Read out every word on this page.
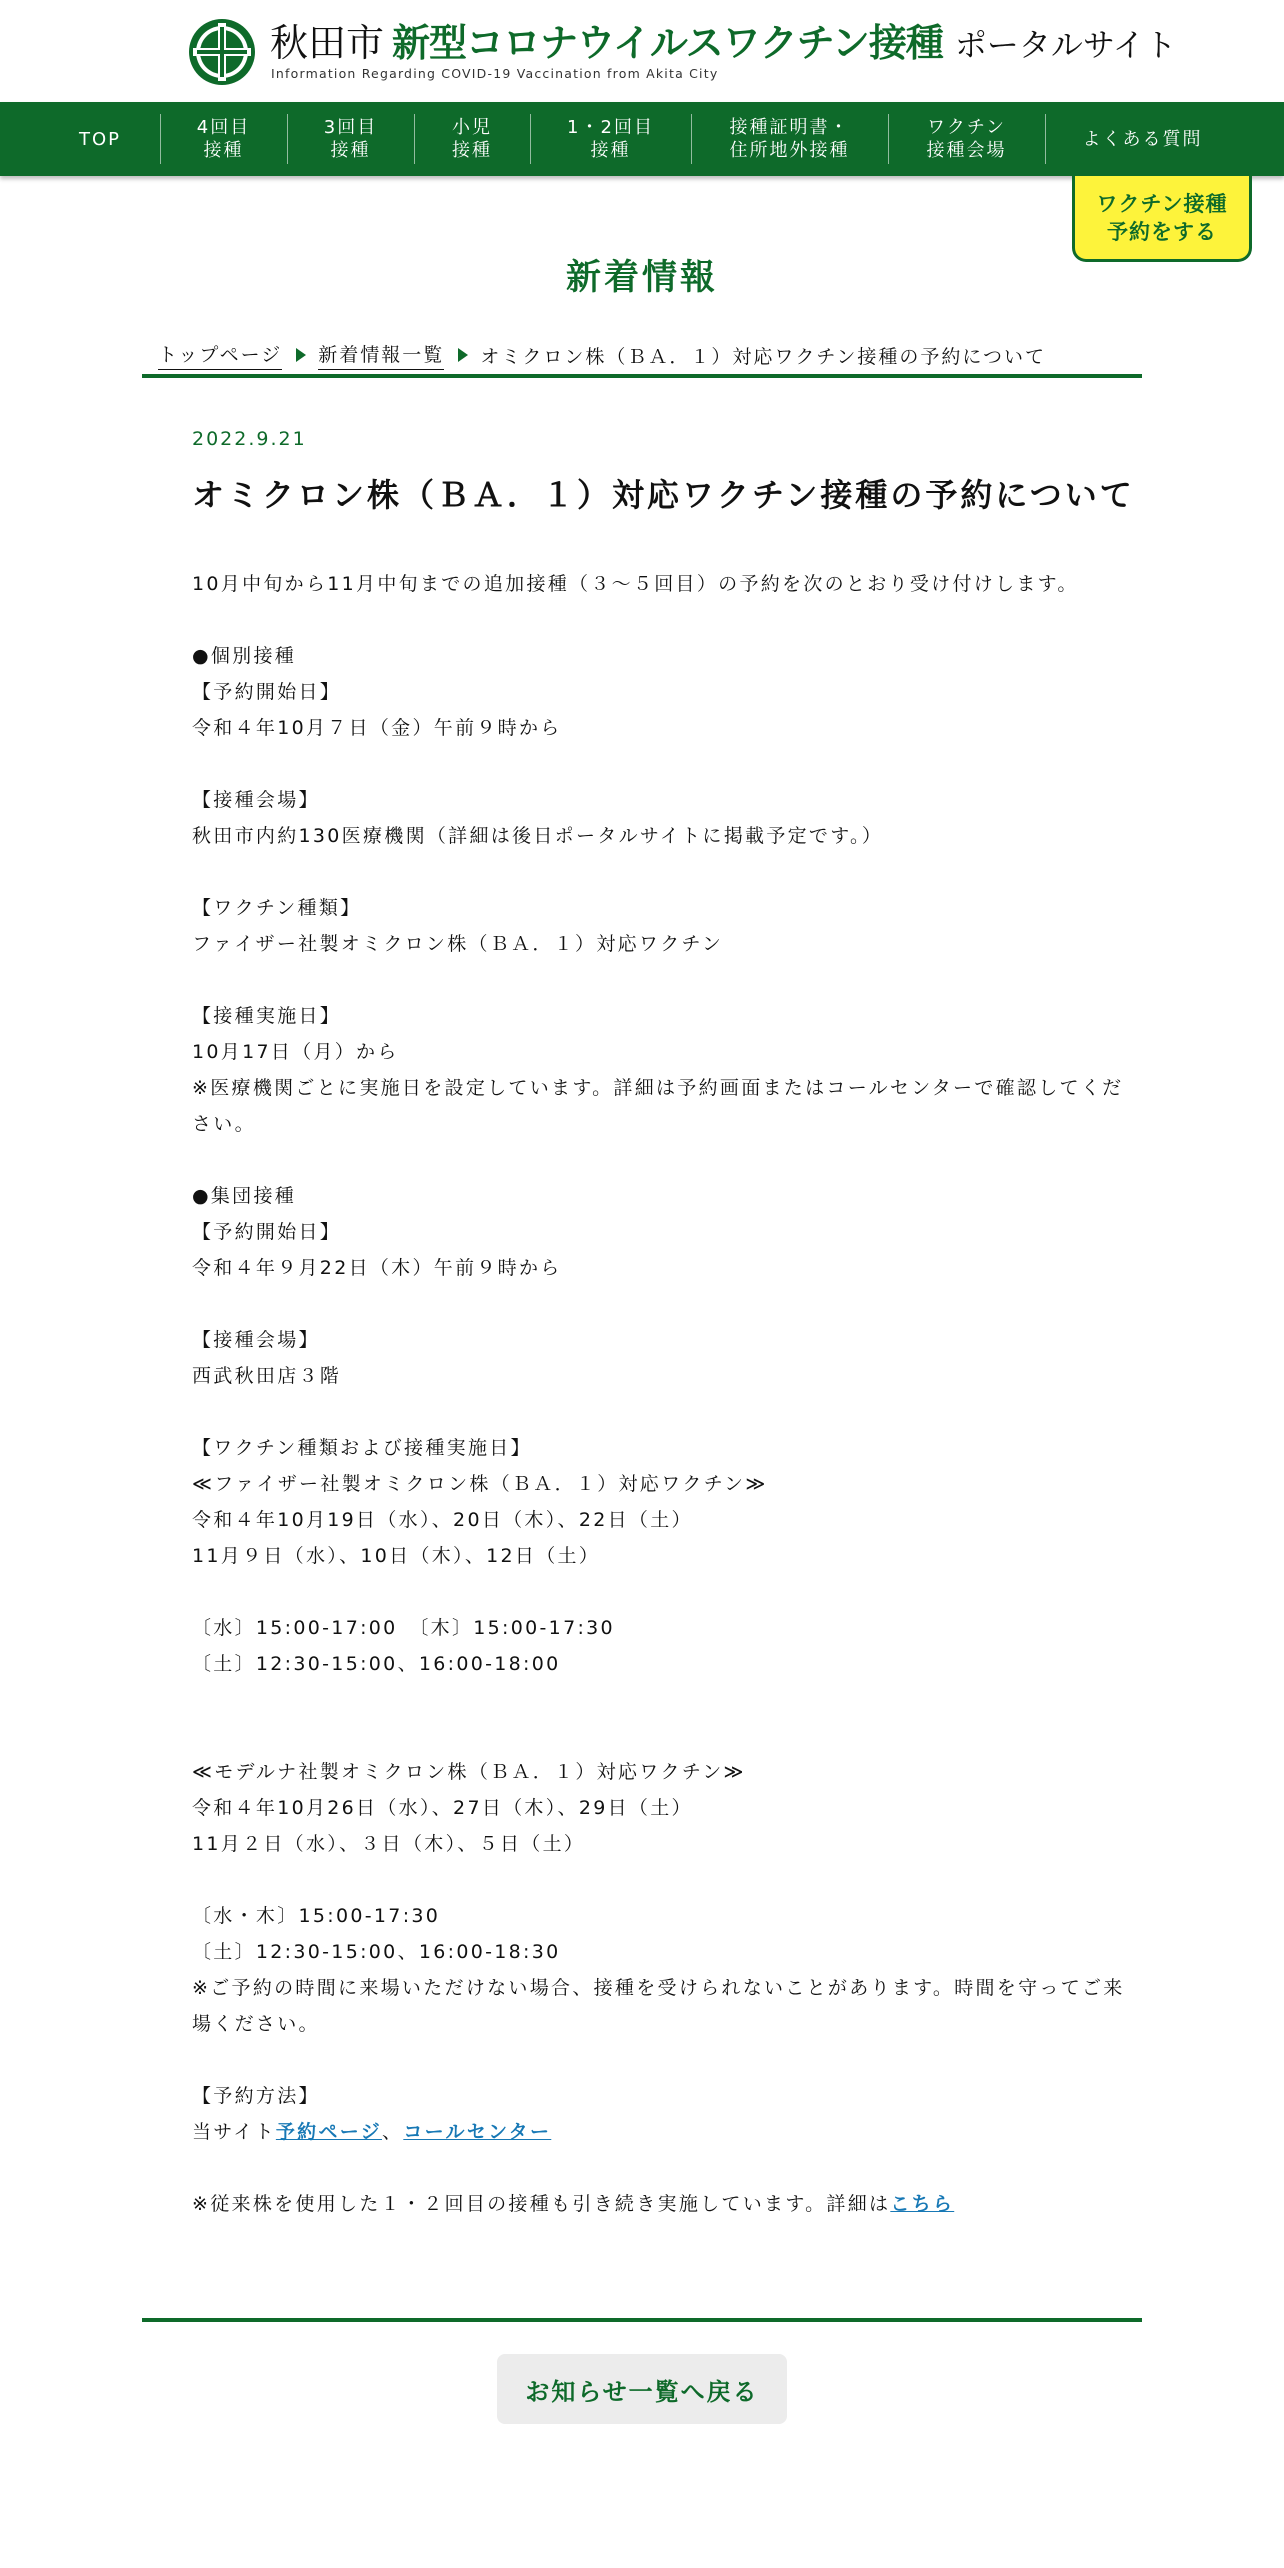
秋田市 新型コロナウイルスワクチン接種 ポータルサイト
Information Regarding COVID-19 Vaccination from Akita City
TOP
4回目
接種
3回目
接種
小児
接種
1・2回目
接種
接種証明書・
住所地外接種
ワクチン
接種会場
よくある質問
ワクチン接種
予約をする
新着情報
トップページ 新着情報一覧 オミクロン株（ＢＡ．１）対応ワクチン接種の予約について
2022.9.21
オミクロン株（ＢＡ．１）対応ワクチン接種の予約について
10月中旬から11月中旬までの追加接種（３～５回目）の予約を次のとおり受け付けします。
●個別接種
【予約開始日】
令和４年10月７日（金）午前９時から
【接種会場】
秋田市内約130医療機関（詳細は後日ポータルサイトに掲載予定です。）
【ワクチン種類】
ファイザー社製オミクロン株（ＢＡ．１）対応ワクチン
【接種実施日】
10月17日（月）から
※医療機関ごとに実施日を設定しています。詳細は予約画面またはコールセンターで確認してくだ
さい。
●集団接種
【予約開始日】
令和４年９月22日（木）午前９時から
【接種会場】
西武秋田店３階
【ワクチン種類および接種実施日】
≪ファイザー社製オミクロン株（ＢＡ．１）対応ワクチン≫
令和４年10月19日（水）、20日（木）、22日（土）
11月９日（水）、10日（木）、12日（土）
〔水〕15:00-17:00　〔木〕15:00-17:30
〔土〕12:30-15:00、16:00-18:00
≪モデルナ社製オミクロン株（ＢＡ．１）対応ワクチン≫
令和４年10月26日（水）、27日（木）、29日（土）
11月２日（水）、３日（木）、５日（土）
〔水・木〕15:00-17:30
〔土〕12:30-15:00、16:00-18:30
※ご予約の時間に来場いただけない場合、接種を受けられないことがあります。時間を守ってご来
場ください。
【予約方法】
当サイト予約ページ、コールセンター
※従来株を使用した１・２回目の接種も引き続き実施しています。詳細はこちら
お知らせ一覧へ戻る
